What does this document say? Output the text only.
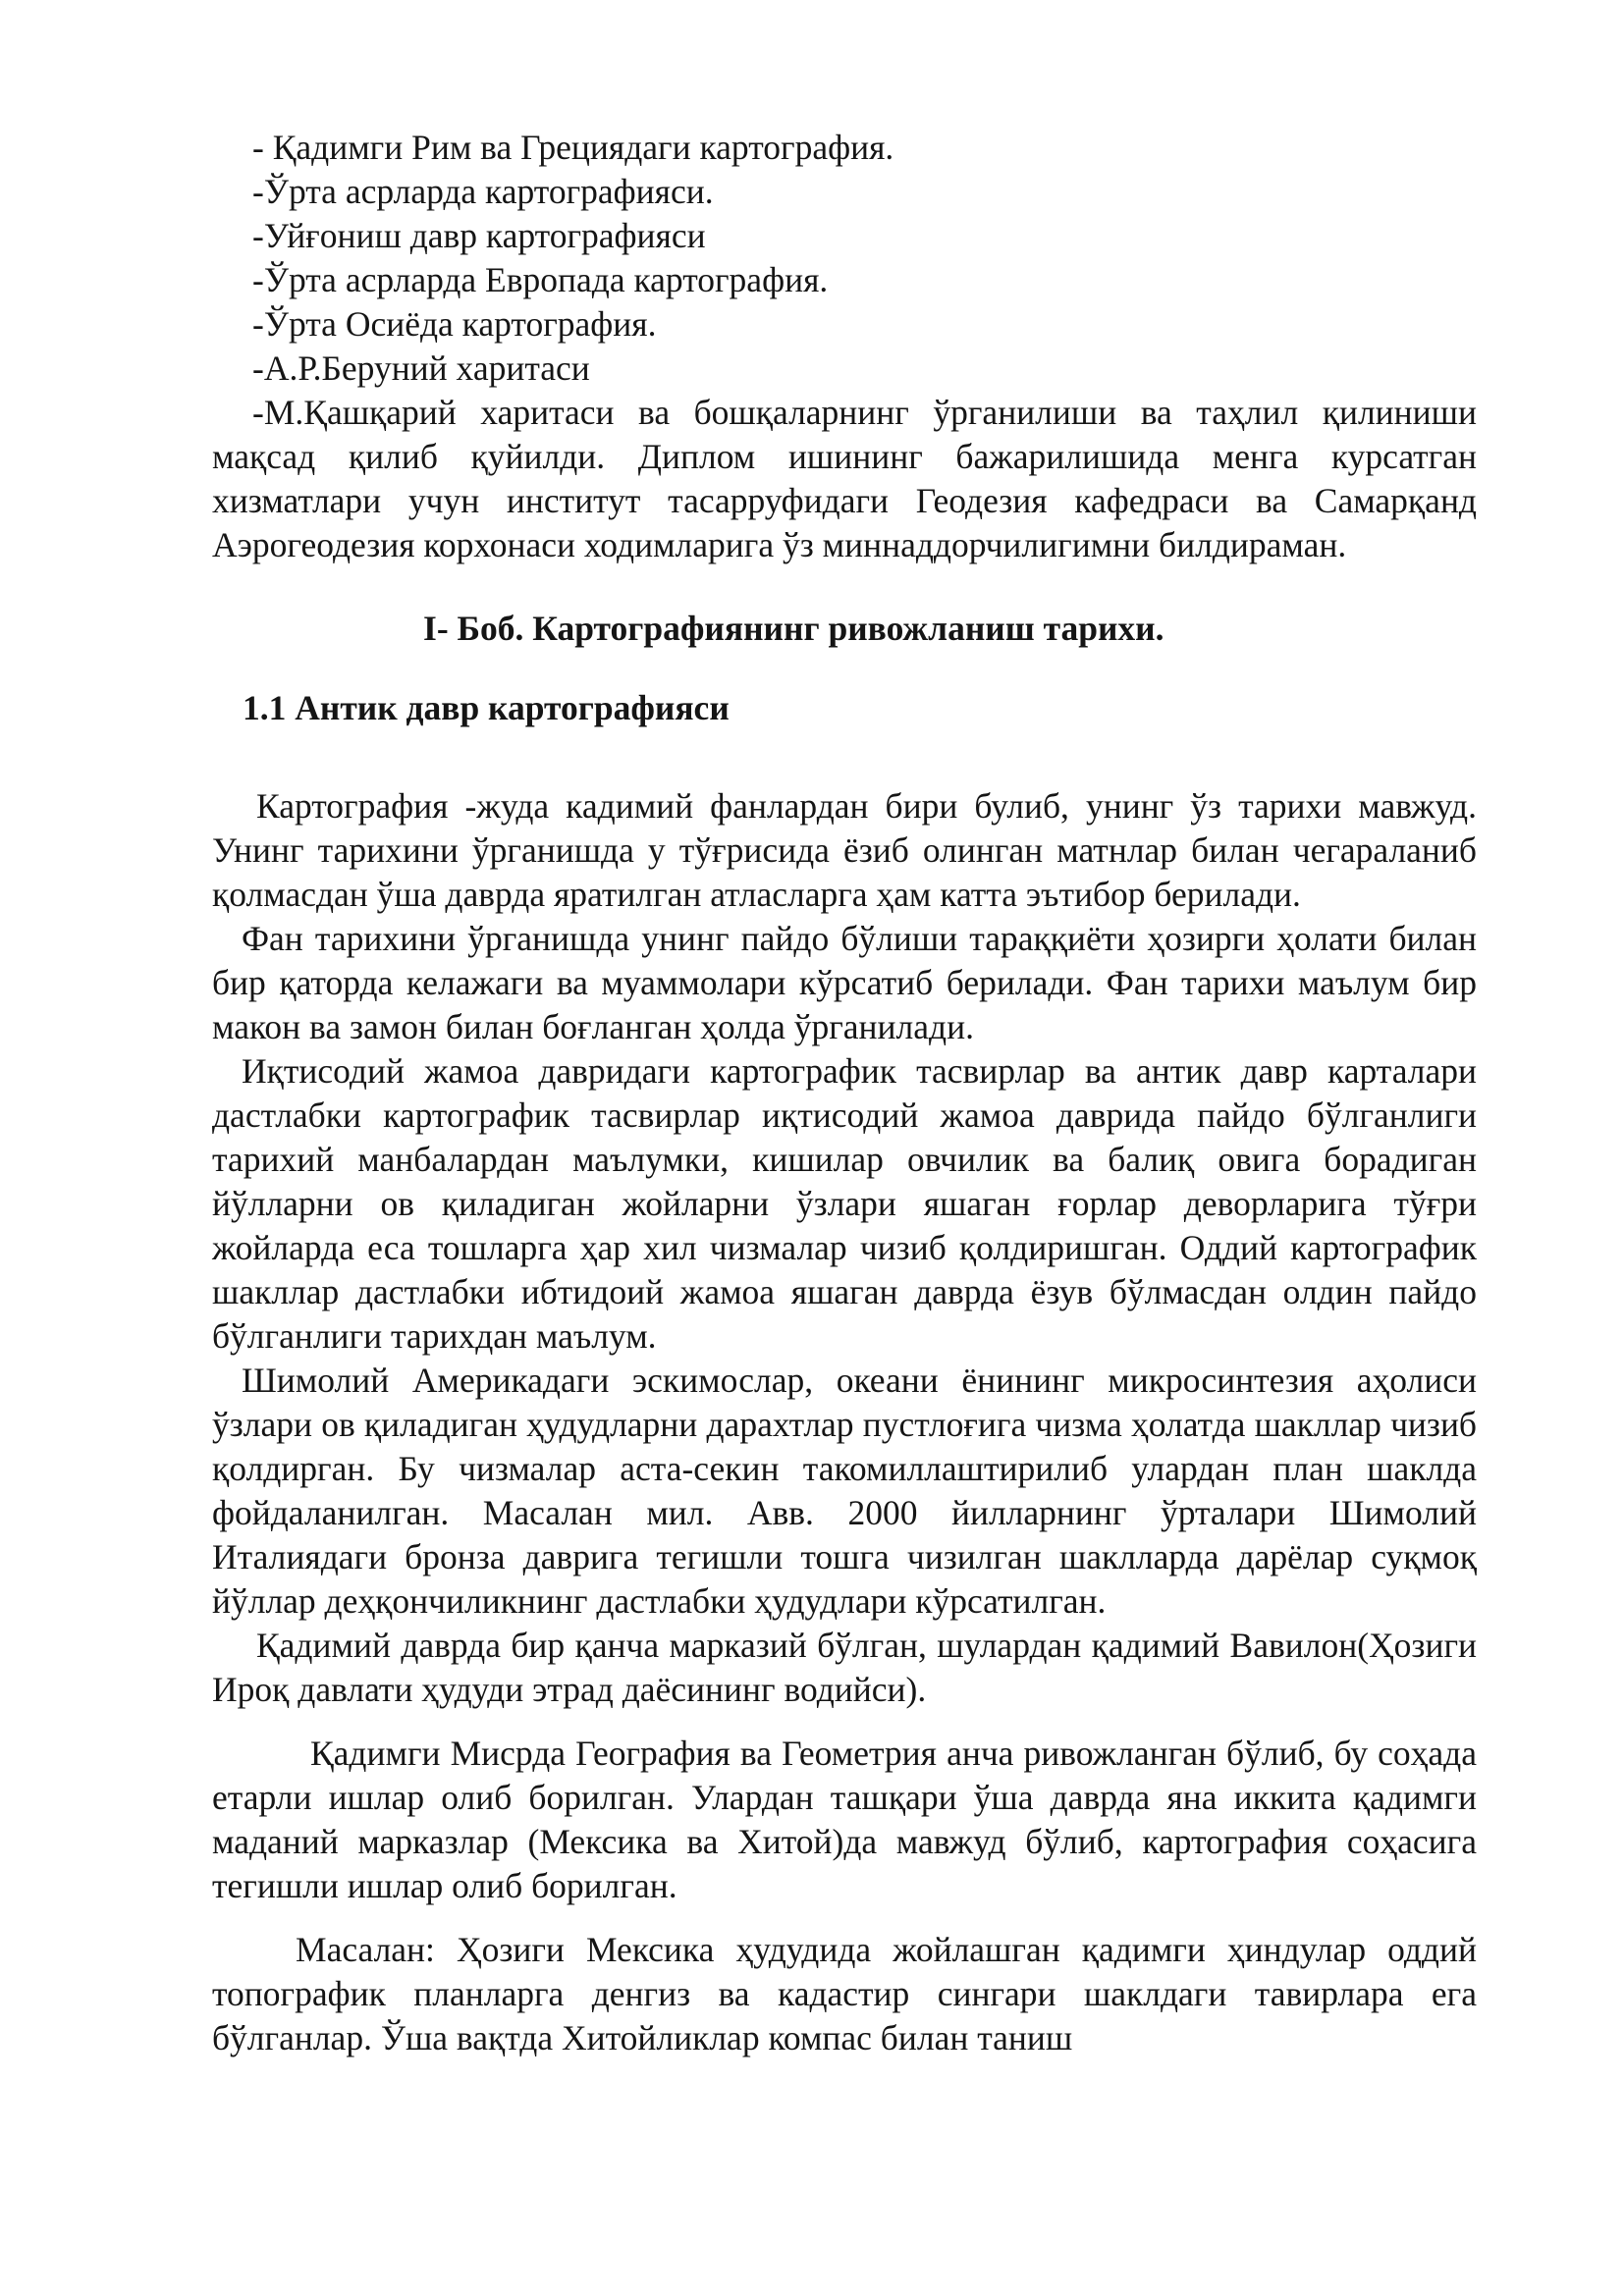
- Қадимги Рим ва Грециядаги картография.

-Ўрта асрларда картографияси.

-Уйғониш давр картографияси

-Ўрта асрларда Европада картография.

-Ўрта Осиёда картография.

-А.Р.Беруний харитаси

-М.Қашқарий харитаси ва бошқаларнинг ўрганилиши ва таҳлил қилиниши мақсад қилиб қуйилди. Диплом ишининг бажарилишида менга курсатган хизматлари учун институт тасарруфидаги Геодезия кафедраси ва Самарқанд Аэрогеодезия корхонаси ходимларига ўз миннаддорчилигимни билдираман.

I- Боб. Картографиянинг ривожланиш тарихи.

1.1 Антик давр картографияси

Картография -жуда кадимий фанлардан бири булиб, унинг ўз тарихи мавжуд. Унинг тарихини ўрганишда у тўғрисида ёзиб олинган матнлар билан чегараланиб қолмасдан ўша даврда яратилган атласларга ҳам катта эътибор берилади.

Фан тарихини ўрганишда унинг пайдо бўлиши тараққиёти ҳозирги ҳолати билан бир қаторда келажаги ва муаммолари кўрсатиб берилади. Фан тарихи маълум бир макон ва замон билан боғланган ҳолда ўрганилади.

Иқтисодий жамоа давридаги картографик тасвирлар ва антик давр карталари дастлабки картографик тасвирлар иқтисодий жамоа даврида пайдо бўлганлиги тарихий манбалардан маълумки, кишилар овчилик ва балиқ овига борадиган йўлларни ов қиладиган жойларни ўзлари яшаган ғорлар деворларига тўғри жойларда еса тошларга ҳар хил чизмалар чизиб қолдиришган. Оддий картографик шакллар дастлабки ибтидоий жамоа яшаган даврда ёзув бўлмасдан олдин пайдо бўлганлиги тарихдан маълум.

Шимолий Америкадаги эскимослар, океани ёнининг микросинтезия аҳолиси ўзлари ов қиладиган ҳудудларни дарахтлар пустлоғига чизма ҳолатда шакллар чизиб қолдирган. Бу чизмалар аста-секин такомиллаштирилиб улардан план шаклда фойдаланилган. Масалан мил. Авв. 2000 йилларнинг ўрталари Шимолий Италиядаги бронза даврига тегишли тошга чизилган шаклларда дарёлар суқмоқ йўллар деҳқончиликнинг дастлабки ҳудудлари кўрсатилган.

Қадимий даврда бир қанча марказий бўлган, шулардан қадимий Вавилон(Ҳозиги Ироқ давлати ҳудуди этрад даёсининг водийси).

Қадимги Мисрда География ва Геометрия анча ривожланган бўлиб, бу соҳада етарли ишлар олиб борилган. Улардан ташқари ўша даврда яна иккита қадимги маданий марказлар (Мексика ва Хитой)да мавжуд бўлиб, картография соҳасига тегишли ишлар олиб борилган.

Масалан: Ҳозиги Мексика ҳудудида жойлашган қадимги ҳиндулар оддий топографик планларга денгиз ва кадастир сингари шаклдаги тавирлара ега бўлганлар. Ўша вақтда Хитойликлар компас билан таниш
